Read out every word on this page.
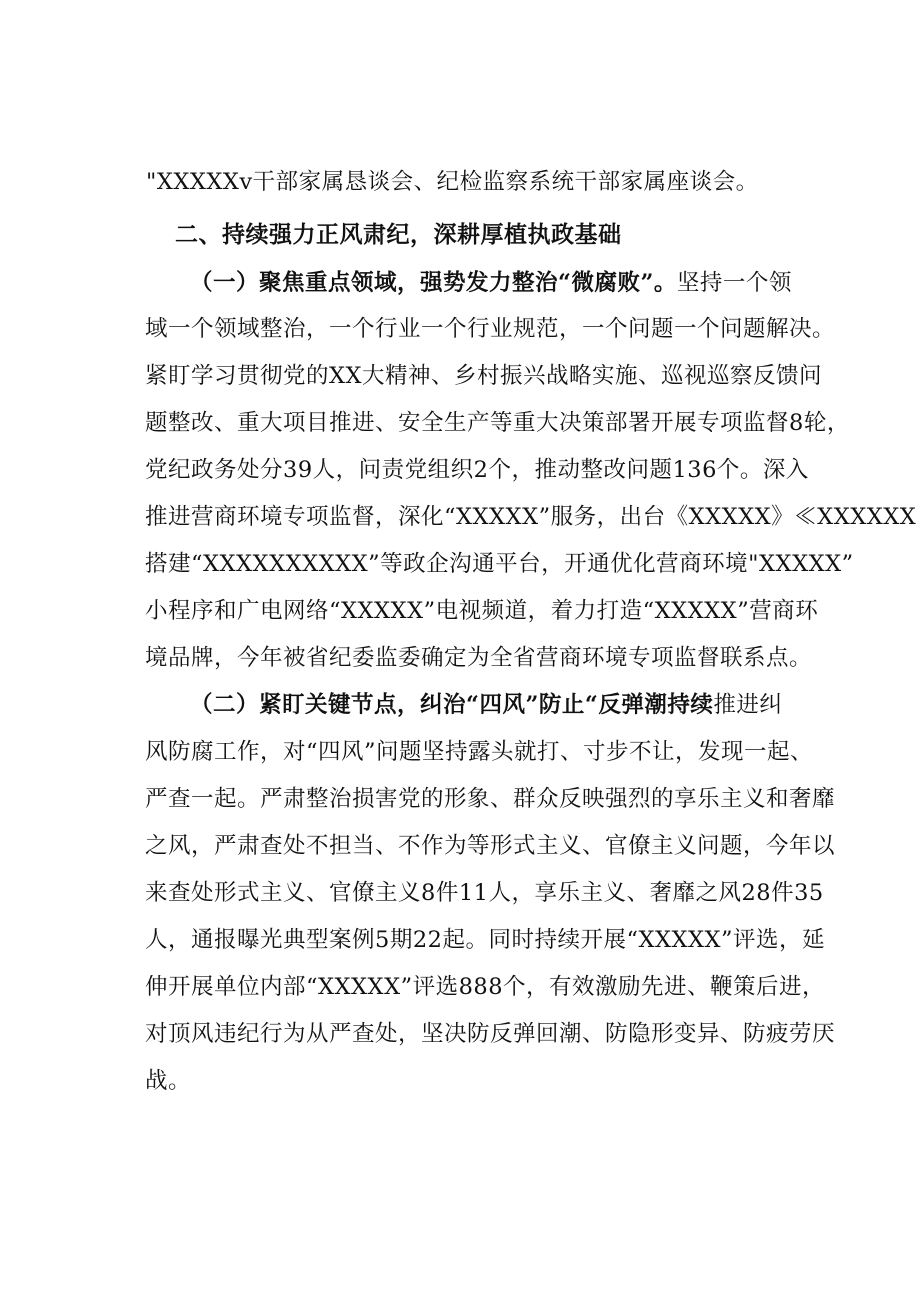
"XXXXXv干部家属恳谈会、纪检监察系统干部家属座谈会。
二、持续强力正风肃纪，深耕厚植执政基础
（一）聚焦重点领域，强势发力整治“微腐败”。坚持一个领
域一个领域整治，一个行业一个行业规范，一个问题一个问题解决。
紧盯学习贯彻党的XX大精神、乡村振兴战略实施、巡视巡察反馈问
题整改、重大项目推进、安全生产等重大决策部署开展专项监督8轮，
党纪政务处分39人，问责党组织2个，推动整改问题136个。深入
推进营商环境专项监督，深化“XXXXX”服务，出台《XXXXX》≪XXXXXX
搭建“XXXXXXXXXX”等政企沟通平台，开通优化营商环境"XXXXX”
小程序和广电网络“XXXXX”电视频道，着力打造“XXXXX”营商环
境品牌，今年被省纪委监委确定为全省营商环境专项监督联系点。
（二）紧盯关键节点，纠治“四风”防止“反弹潮持续推进纠
风防腐工作，对“四风”问题坚持露头就打、寸步不让，发现一起、
严查一起。严肃整治损害党的形象、群众反映强烈的享乐主义和奢靡
之风，严肃查处不担当、不作为等形式主义、官僚主义问题，今年以
来查处形式主义、官僚主义8件11人，享乐主义、奢靡之风28件35
人，通报曝光典型案例5期22起。同时持续开展“XXXXX”评选，延
伸开展单位内部“XXXXX”评选888个，有效激励先进、鞭策后进，
对顶风违纪行为从严查处，坚决防反弹回潮、防隐形变异、防疲劳厌
战。
